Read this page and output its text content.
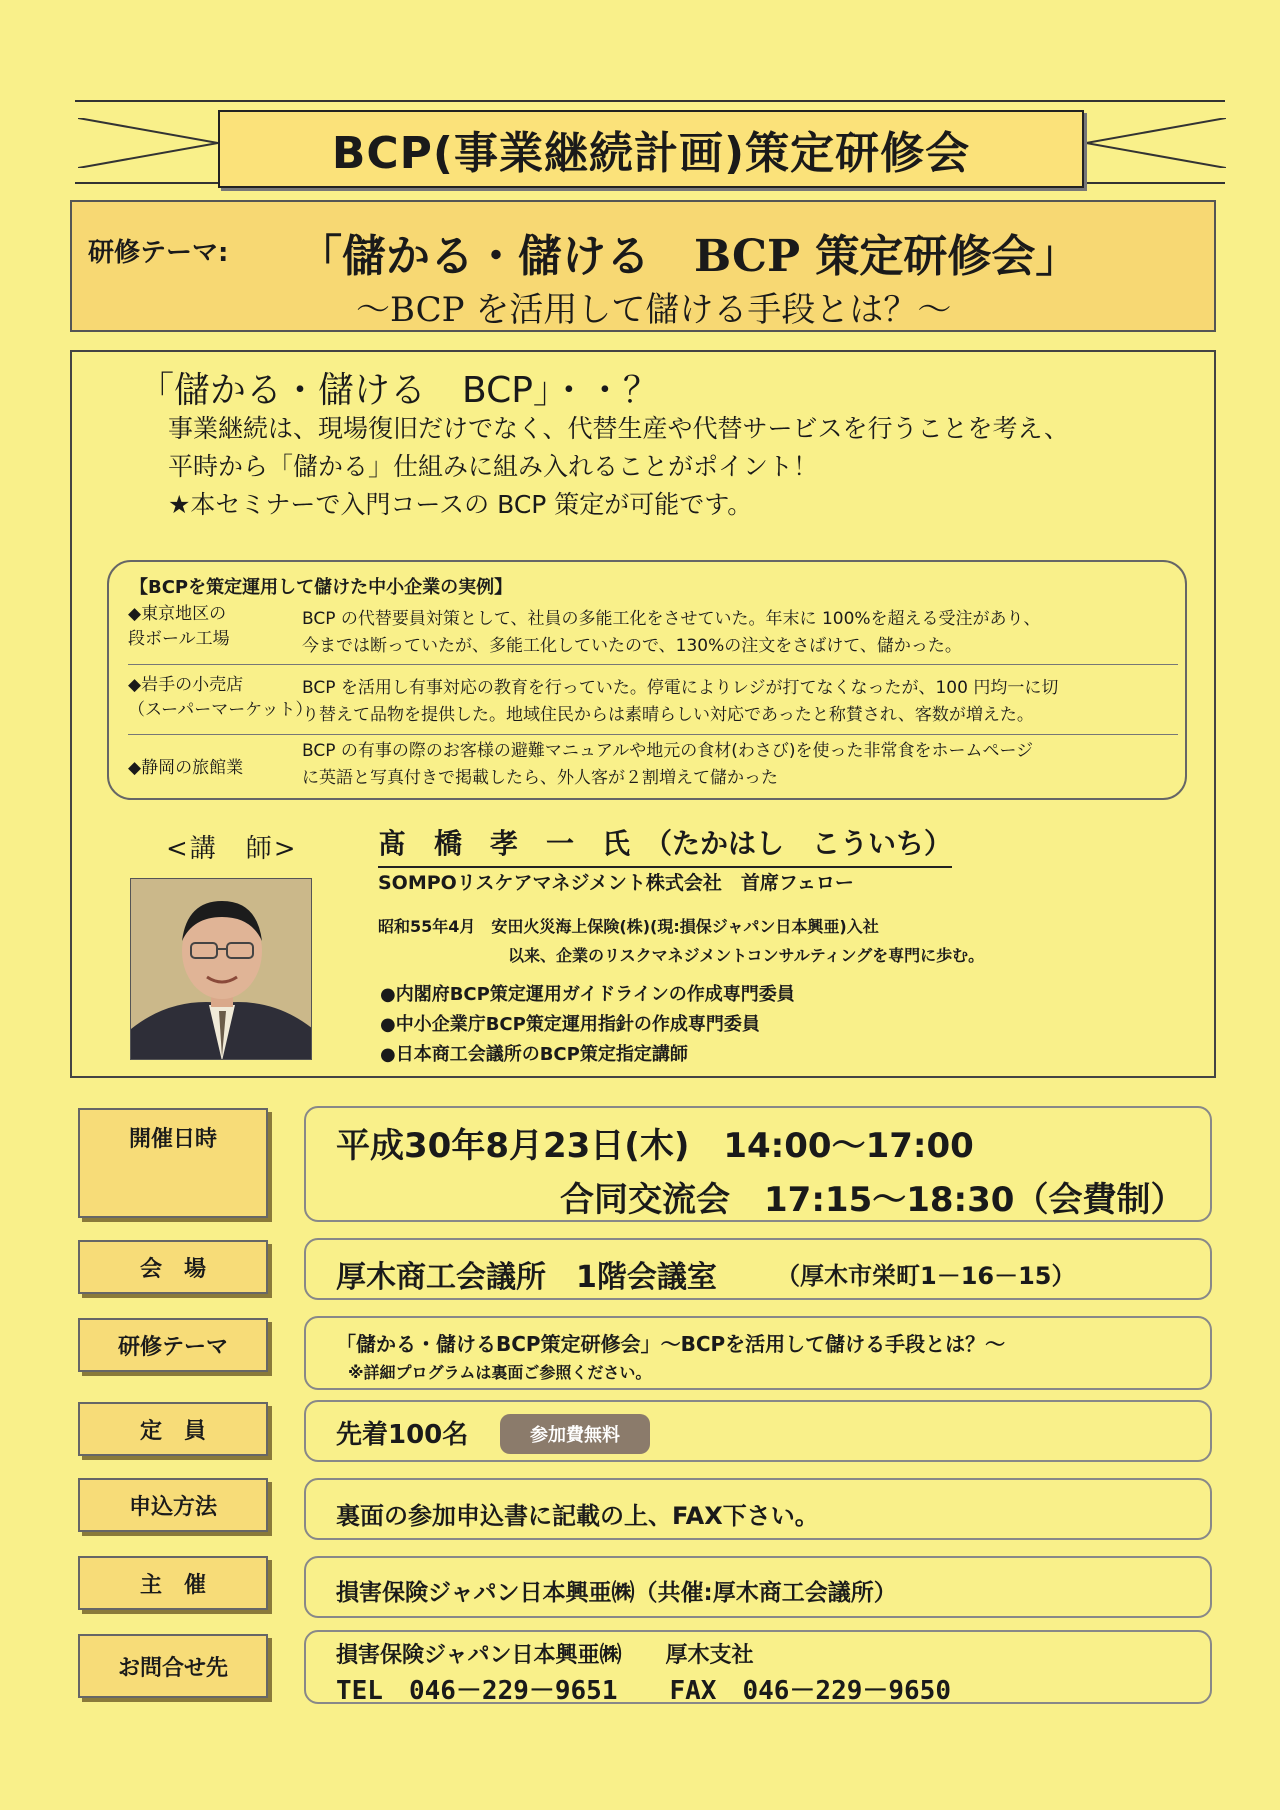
BCP(事業継続計画)策定研修会
研修テーマ: 「儲かる・儲ける　BCP 策定研修会」
～BCP を活用して儲ける手段とは？～
「儲かる・儲ける　BCP」・・？
事業継続は、現場復旧だけでなく、代替生産や代替サービスを行うことを考え、
平時から「儲かる」仕組みに組み入れることがポイント！
★本セミナーで入門コースの BCP 策定が可能です。
【BCPを策定運用して儲けた中小企業の実例】
◆東京地区の
段ボール工場
BCP の代替要員対策として、社員の多能工化をさせていた。年末に 100%を超える受注があり、
今までは断っていたが、多能工化していたので、130%の注文をさばけて、儲かった。
◆岩手の小売店
（スーパーマーケット）
BCP を活用し有事対応の教育を行っていた。停電によりレジが打てなくなったが、100 円均一に切
り替えて品物を提供した。地域住民からは素晴らしい対応であったと称賛され、客数が増えた。
◆静岡の旅館業
BCP の有事の際のお客様の避難マニュアルや地元の食材(わさび)を使った非常食をホームページ
に英語と写真付きで掲載したら、外人客が２割増えて儲かった
<講　師>	髙　橋　孝　一　氏　（たかはし　こういち）
SOMPOリスケアマネジメント株式会社　首席フェロー
昭和55年4月　安田火災海上保険(株)(現:損保ジャパン日本興亜)入社
以来、企業のリスクマネジメントコンサルティングを専門に歩む。
●内閣府BCP策定運用ガイドラインの作成専門委員
●中小企業庁BCP策定運用指針の作成専門委員
●日本商工会議所のBCP策定指定講師
開催日時	平成30年8月23日(木)　14:00～17:00
合同交流会　17:15～18:30（会費制）
会　場	厚木商工会議所　1階会議室 （厚木市栄町1－16－15）
研修テーマ	「儲かる・儲けるBCP策定研修会」～BCPを活用して儲ける手段とは？～
※詳細プログラムは裏面ご参照ください。
定　員	先着100名	参加費無料
申込方法	裏面の参加申込書に記載の上、FAX下さい。
主　催	損害保険ジャパン日本興亜㈱（共催:厚木商工会議所）
お問合せ先	損害保険ジャパン日本興亜㈱　　厚木支社
TEL　046－229－9651　　FAX　046－229－9650
